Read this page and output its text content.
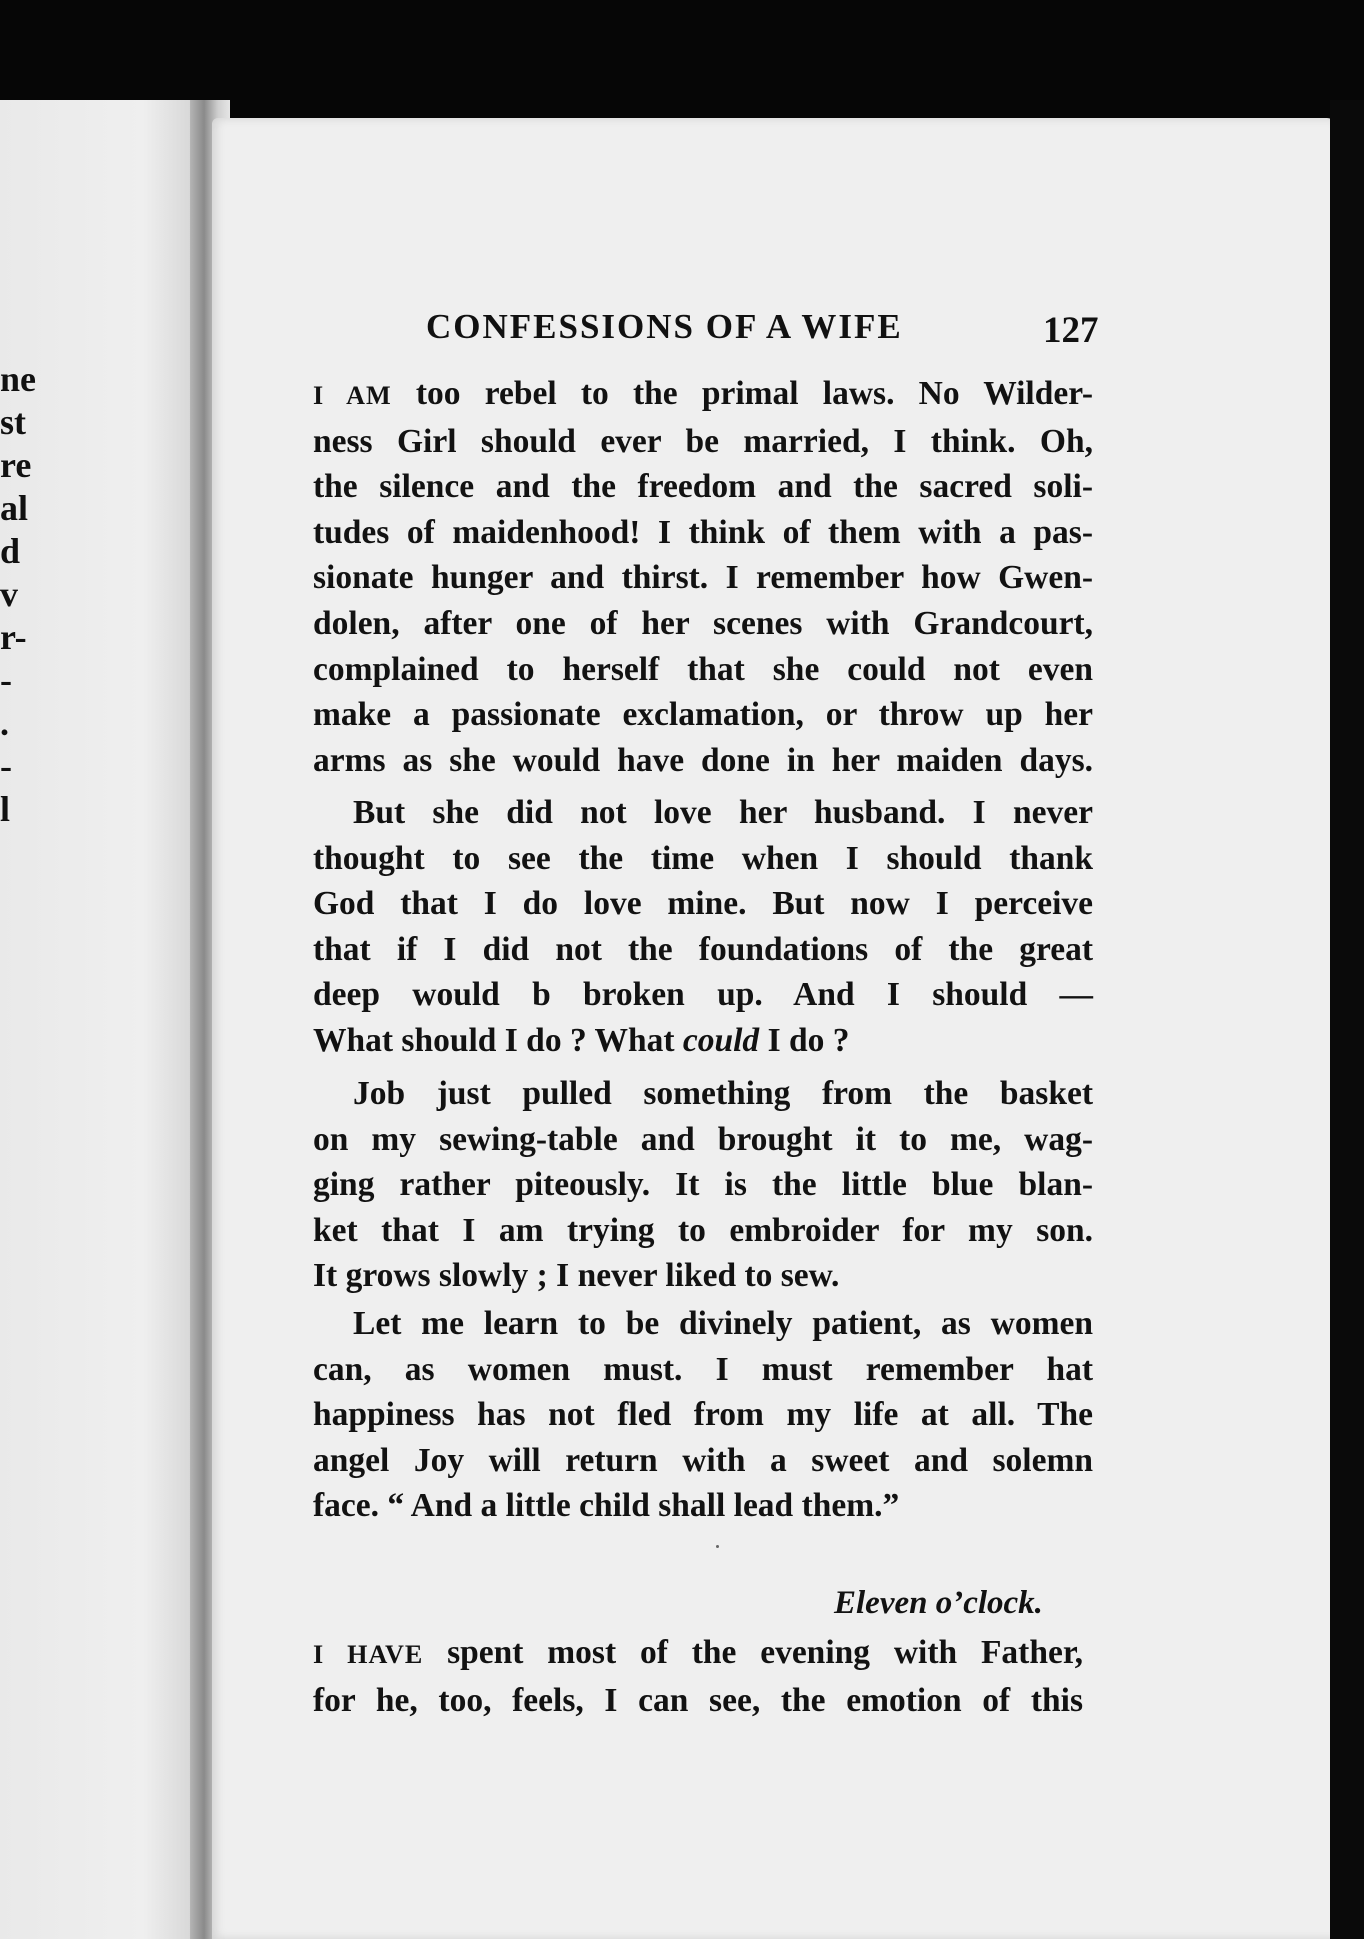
ne
st
re
al
d
v
r-
-
.
-
l
CONFESSIONS OF A WIFE	127
I AM too rebel to the primal laws. No Wilder-
ness Girl should ever be married, I think. Oh,
the silence and the freedom and the sacred soli-
tudes of maidenhood! I think of them with a pas-
sionate hunger and thirst. I remember how Gwen-
dolen, after one of her scenes with Grandcourt,
complained to herself that she could not even
make a passionate exclamation, or throw up her
arms as she would have done in her maiden days.
But she did not love her husband. I never
thought to see the time when I should thank
God that I do love mine. But now I perceive
that if I did not the foundations of the great
deep would b broken up. And I should —
What should I do ? What could I do ?
Job just pulled something from the basket
on my sewing-table and brought it to me, wag-
ging rather piteously. It is the little blue blan-
ket that I am trying to embroider for my son.
It grows slowly ; I never liked to sew.
Let me learn to be divinely patient, as women
can, as women must. I must remember hat
happiness has not fled from my life at all. The
angel Joy will return with a sweet and solemn
face. “ And a little child shall lead them.”
Eleven o’clock.
I HAVE spent most of the evening with Father,
for he, too, feels, I can see, the emotion of this
